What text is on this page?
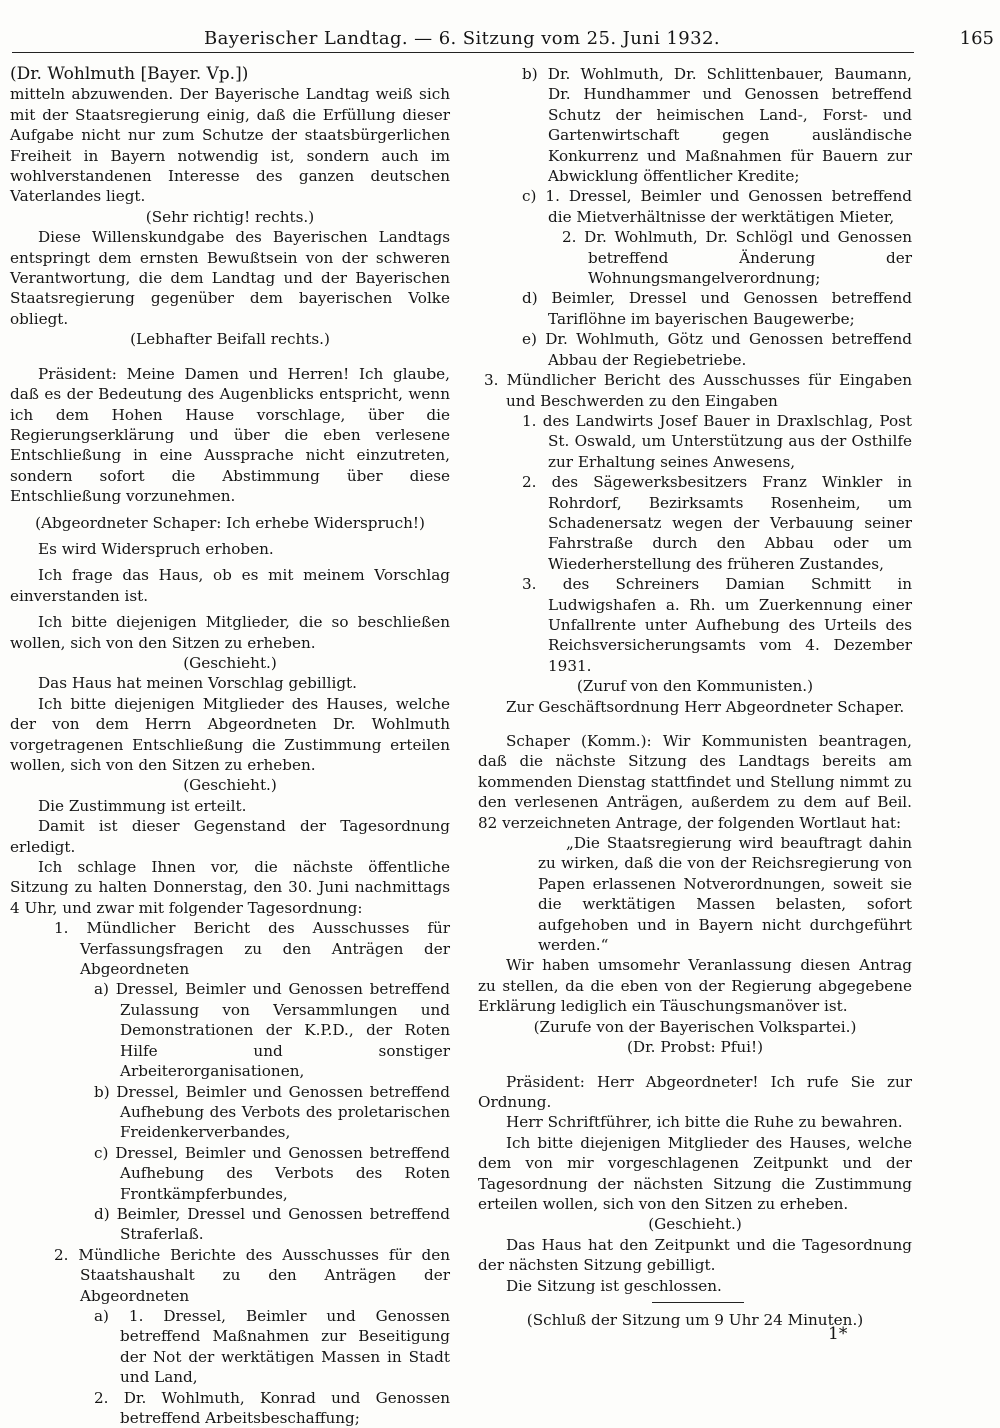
Bayerischer Landtag. — 6. Sitzung vom 25. Juni 1932.	165

(Dr. Wohlmuth [Bayer. Vp.])

mitteln abzuwenden. Der Bayerische Landtag weiß sich mit der Staatsregierung einig, daß die Erfüllung dieser Aufgabe nicht nur zum Schutze der staatsbürgerlichen Freiheit in Bayern notwendig ist, sondern auch im wohlverstandenen Interesse des ganzen deutschen Vaterlandes liegt.

(Sehr richtig! rechts.)

Diese Willenskundgabe des Bayerischen Landtags entspringt dem ernsten Bewußtsein von der schweren Verantwortung, die dem Landtag und der Bayerischen Staatsregierung gegenüber dem bayerischen Volke obliegt.

(Lebhafter Beifall rechts.)

Präsident: Meine Damen und Herren! Ich glaube, daß es der Bedeutung des Augenblicks entspricht, wenn ich dem Hohen Hause vorschlage, über die Regierungserklärung und über die eben verlesene Entschließung in eine Aussprache nicht einzutreten, sondern sofort die Abstimmung über diese Entschließung vorzunehmen.

(Abgeordneter Schaper: Ich erhebe Widerspruch!)

Es wird Widerspruch erhoben.

Ich frage das Haus, ob es mit meinem Vorschlag einverstanden ist.

Ich bitte diejenigen Mitglieder, die so beschließen wollen, sich von den Sitzen zu erheben.

(Geschieht.)

Das Haus hat meinen Vorschlag gebilligt.

Ich bitte diejenigen Mitglieder des Hauses, welche der von dem Herrn Abgeordneten Dr. Wohlmuth vorgetragenen Entschließung die Zustimmung erteilen wollen, sich von den Sitzen zu erheben.

(Geschieht.)

Die Zustimmung ist erteilt.

Damit ist dieser Gegenstand der Tagesordnung erledigt.

Ich schlage Ihnen vor, die nächste öffentliche Sitzung zu halten Donnerstag, den 30. Juni nachmittags 4 Uhr, und zwar mit folgender Tagesordnung:

1. Mündlicher Bericht des Ausschusses für Verfassungsfragen zu den Anträgen der Abgeordneten

a) Dressel, Beimler und Genossen betreffend Zulassung von Versammlungen und Demonstrationen der K.P.D., der Roten Hilfe und sonstiger Arbeiterorganisationen,

b) Dressel, Beimler und Genossen betreffend Aufhebung des Verbots des proletarischen Freidenkerverbandes,

c) Dressel, Beimler und Genossen betreffend Aufhebung des Verbots des Roten Frontkämpferbundes,

d) Beimler, Dressel und Genossen betreffend Straferlaß.

2. Mündliche Berichte des Ausschusses für den Staatshaushalt zu den Anträgen der Abgeordneten

a) 1. Dressel, Beimler und Genossen betreffend Maßnahmen zur Beseitigung der Not der werktätigen Massen in Stadt und Land,

2. Dr. Wohlmuth, Konrad und Genossen betreffend Arbeitsbeschaffung;

b) Dr. Wohlmuth, Dr. Schlittenbauer, Baumann, Dr. Hundhammer und Genossen betreffend Schutz der heimischen Land-, Forst- und Gartenwirtschaft gegen ausländische Konkurrenz und Maßnahmen für Bauern zur Abwicklung öffentlicher Kredite;

c) 1. Dressel, Beimler und Genossen betreffend die Mietverhältnisse der werktätigen Mieter,

2. Dr. Wohlmuth, Dr. Schlögl und Genossen betreffend Änderung der Wohnungsmangelverordnung;

d) Beimler, Dressel und Genossen betreffend Tariflöhne im bayerischen Baugewerbe;

e) Dr. Wohlmuth, Götz und Genossen betreffend Abbau der Regiebetriebe.

3. Mündlicher Bericht des Ausschusses für Eingaben und Beschwerden zu den Eingaben

1. des Landwirts Josef Bauer in Draxlschlag, Post St. Oswald, um Unterstützung aus der Osthilfe zur Erhaltung seines Anwesens,

2. des Sägewerksbesitzers Franz Winkler in Rohrdorf, Bezirksamts Rosenheim, um Schadenersatz wegen der Verbauung seiner Fahrstraße durch den Abbau oder um Wiederherstellung des früheren Zustandes,

3. des Schreiners Damian Schmitt in Ludwigshafen a. Rh. um Zuerkennung einer Unfallrente unter Aufhebung des Urteils des Reichsversicherungsamts vom 4. Dezember 1931.

(Zuruf von den Kommunisten.)

Zur Geschäftsordnung Herr Abgeordneter Schaper.

Schaper (Komm.): Wir Kommunisten beantragen, daß die nächste Sitzung des Landtags bereits am kommenden Dienstag stattfindet und Stellung nimmt zu den verlesenen Anträgen, außerdem zu dem auf Beil. 82 verzeichneten Antrage, der folgenden Wortlaut hat:

„Die Staatsregierung wird beauftragt dahin zu wirken, daß die von der Reichsregierung von Papen erlassenen Notverordnungen, soweit sie die werktätigen Massen belasten, sofort aufgehoben und in Bayern nicht durchgeführt werden.“

Wir haben umsomehr Veranlassung diesen Antrag zu stellen, da die eben von der Regierung abgegebene Erklärung lediglich ein Täuschungsmanöver ist.

(Zurufe von der Bayerischen Volkspartei.)

(Dr. Probst: Pfui!)

Präsident: Herr Abgeordneter! Ich rufe Sie zur Ordnung.

Herr Schriftführer, ich bitte die Ruhe zu bewahren.

Ich bitte diejenigen Mitglieder des Hauses, welche dem von mir vorgeschlagenen Zeitpunkt und der Tagesordnung der nächsten Sitzung die Zustimmung erteilen wollen, sich von den Sitzen zu erheben.

(Geschieht.)

Das Haus hat den Zeitpunkt und die Tagesordnung der nächsten Sitzung gebilligt.

Die Sitzung ist geschlossen.

(Schluß der Sitzung um 9 Uhr 24 Minuten.)

1*
